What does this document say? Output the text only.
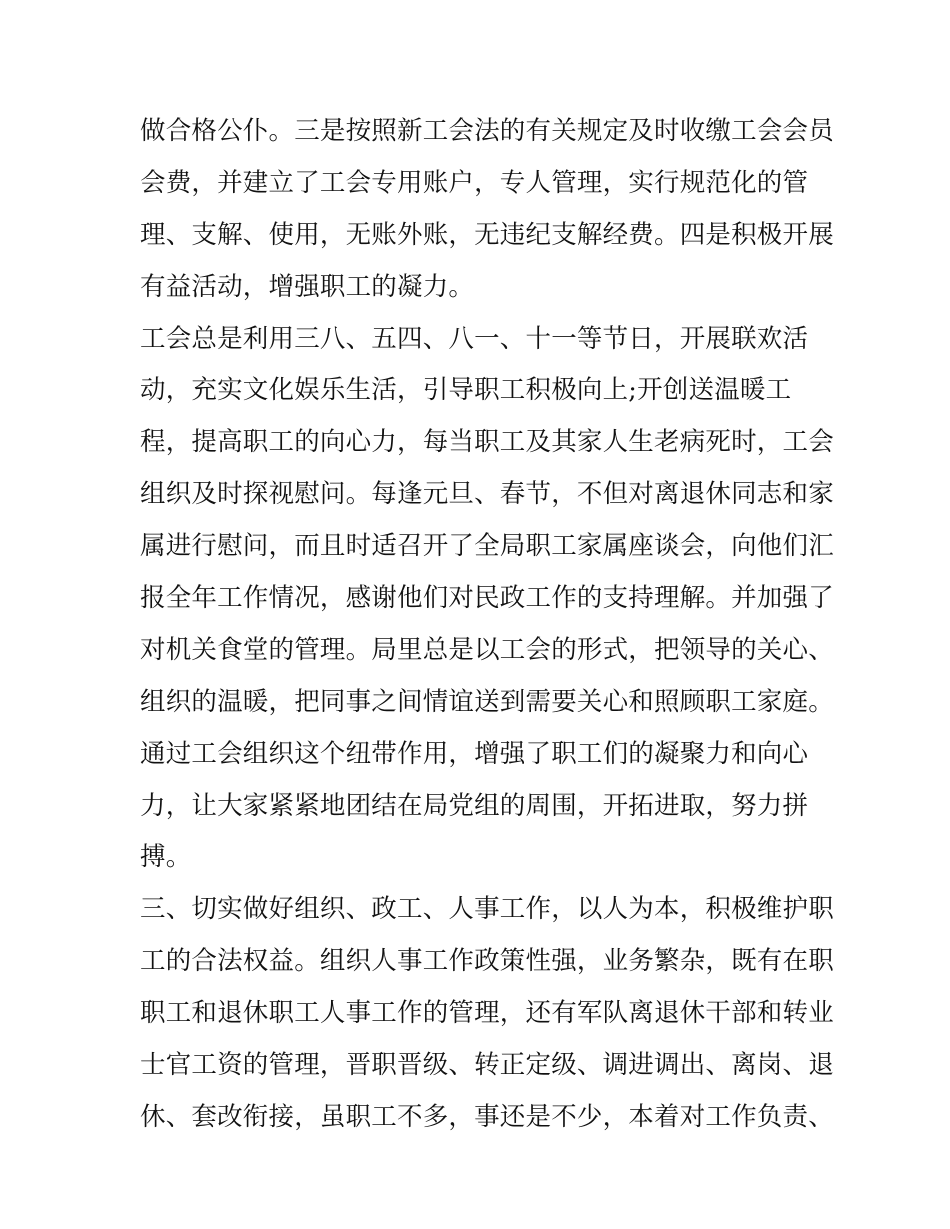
做合格公仆。三是按照新工会法的有关规定及时收缴工会会员
会费，并建立了工会专用账户，专人管理，实行规范化的管
理、支解、使用，无账外账，无违纪支解经费。四是积极开展
有益活动，增强职工的凝力。
工会总是利用三八、五四、八一、十一等节日，开展联欢活
动，充实文化娱乐生活，引导职工积极向上;开创送温暖工
程，提高职工的向心力，每当职工及其家人生老病死时，工会
组织及时探视慰问。每逢元旦、春节，不但对离退休同志和家
属进行慰问，而且时适召开了全局职工家属座谈会，向他们汇
报全年工作情况，感谢他们对民政工作的支持理解。并加强了
对机关食堂的管理。局里总是以工会的形式，把领导的关心、
组织的温暖，把同事之间情谊送到需要关心和照顾职工家庭。
通过工会组织这个纽带作用，增强了职工们的凝聚力和向心
力，让大家紧紧地团结在局党组的周围，开拓进取，努力拼
搏。
三、切实做好组织、政工、人事工作，以人为本，积极维护职
工的合法权益。组织人事工作政策性强，业务繁杂，既有在职
职工和退休职工人事工作的管理，还有军队离退休干部和转业
士官工资的管理，晋职晋级、转正定级、调进调出、离岗、退
休、套改衔接，虽职工不多，事还是不少，本着对工作负责、
